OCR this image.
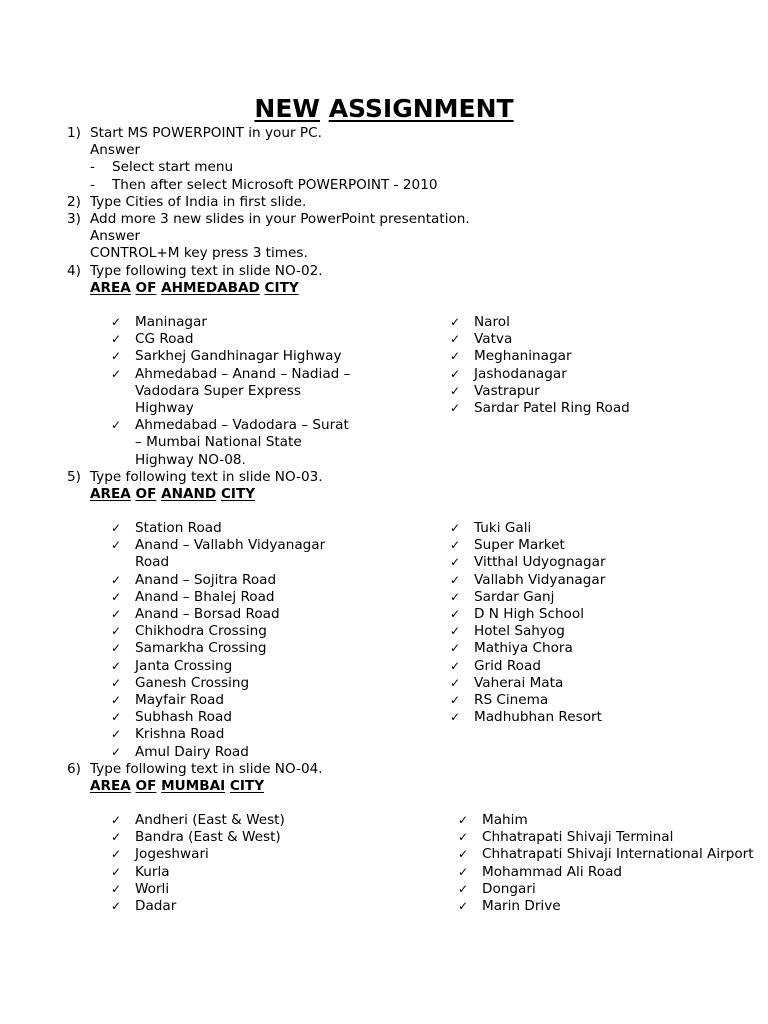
NEW ASSIGNMENT
1) Start MS POWERPOINT in your PC.
Answer
- Select start menu
- Then after select Microsoft POWERPOINT - 2010
2) Type Cities of India in first slide.
3) Add more 3 new slides in your PowerPoint presentation.
Answer
CONTROL+M key press 3 times.
4) Type following text in slide NO-02.
AREA OF AHMEDABAD CITY
✓ Maninagar
✓ CG Road
✓ Sarkhej Gandhinagar Highway
✓ Ahmedabad – Anand – Nadiad –
Vadodara Super Express
Highway
✓ Ahmedabad – Vadodara – Surat
– Mumbai National State
Highway NO-08.
✓ Narol
✓ Vatva
✓ Meghaninagar
✓ Jashodanagar
✓ Vastrapur
✓ Sardar Patel Ring Road
5) Type following text in slide NO-03.
AREA OF ANAND CITY
✓ Station Road
✓ Anand – Vallabh Vidyanagar
Road
✓ Anand – Sojitra Road
✓ Anand – Bhalej Road
✓ Anand – Borsad Road
✓ Chikhodra Crossing
✓ Samarkha Crossing
✓ Janta Crossing
✓ Ganesh Crossing
✓ Mayfair Road
✓ Subhash Road
✓ Krishna Road
✓ Amul Dairy Road
✓ Tuki Gali
✓ Super Market
✓ Vitthal Udyognagar
✓ Vallabh Vidyanagar
✓ Sardar Ganj
✓ D N High School
✓ Hotel Sahyog
✓ Mathiya Chora
✓ Grid Road
✓ Vaherai Mata
✓ RS Cinema
✓ Madhubhan Resort
6) Type following text in slide NO-04.
AREA OF MUMBAI CITY
✓ Andheri (East & West)
✓ Bandra (East & West)
✓ Jogeshwari
✓ Kurla
✓ Worli
✓ Dadar
✓ Mahim
✓ Chhatrapati Shivaji Terminal
✓ Chhatrapati Shivaji International Airport
✓ Mohammad Ali Road
✓ Dongari
✓ Marin Drive
